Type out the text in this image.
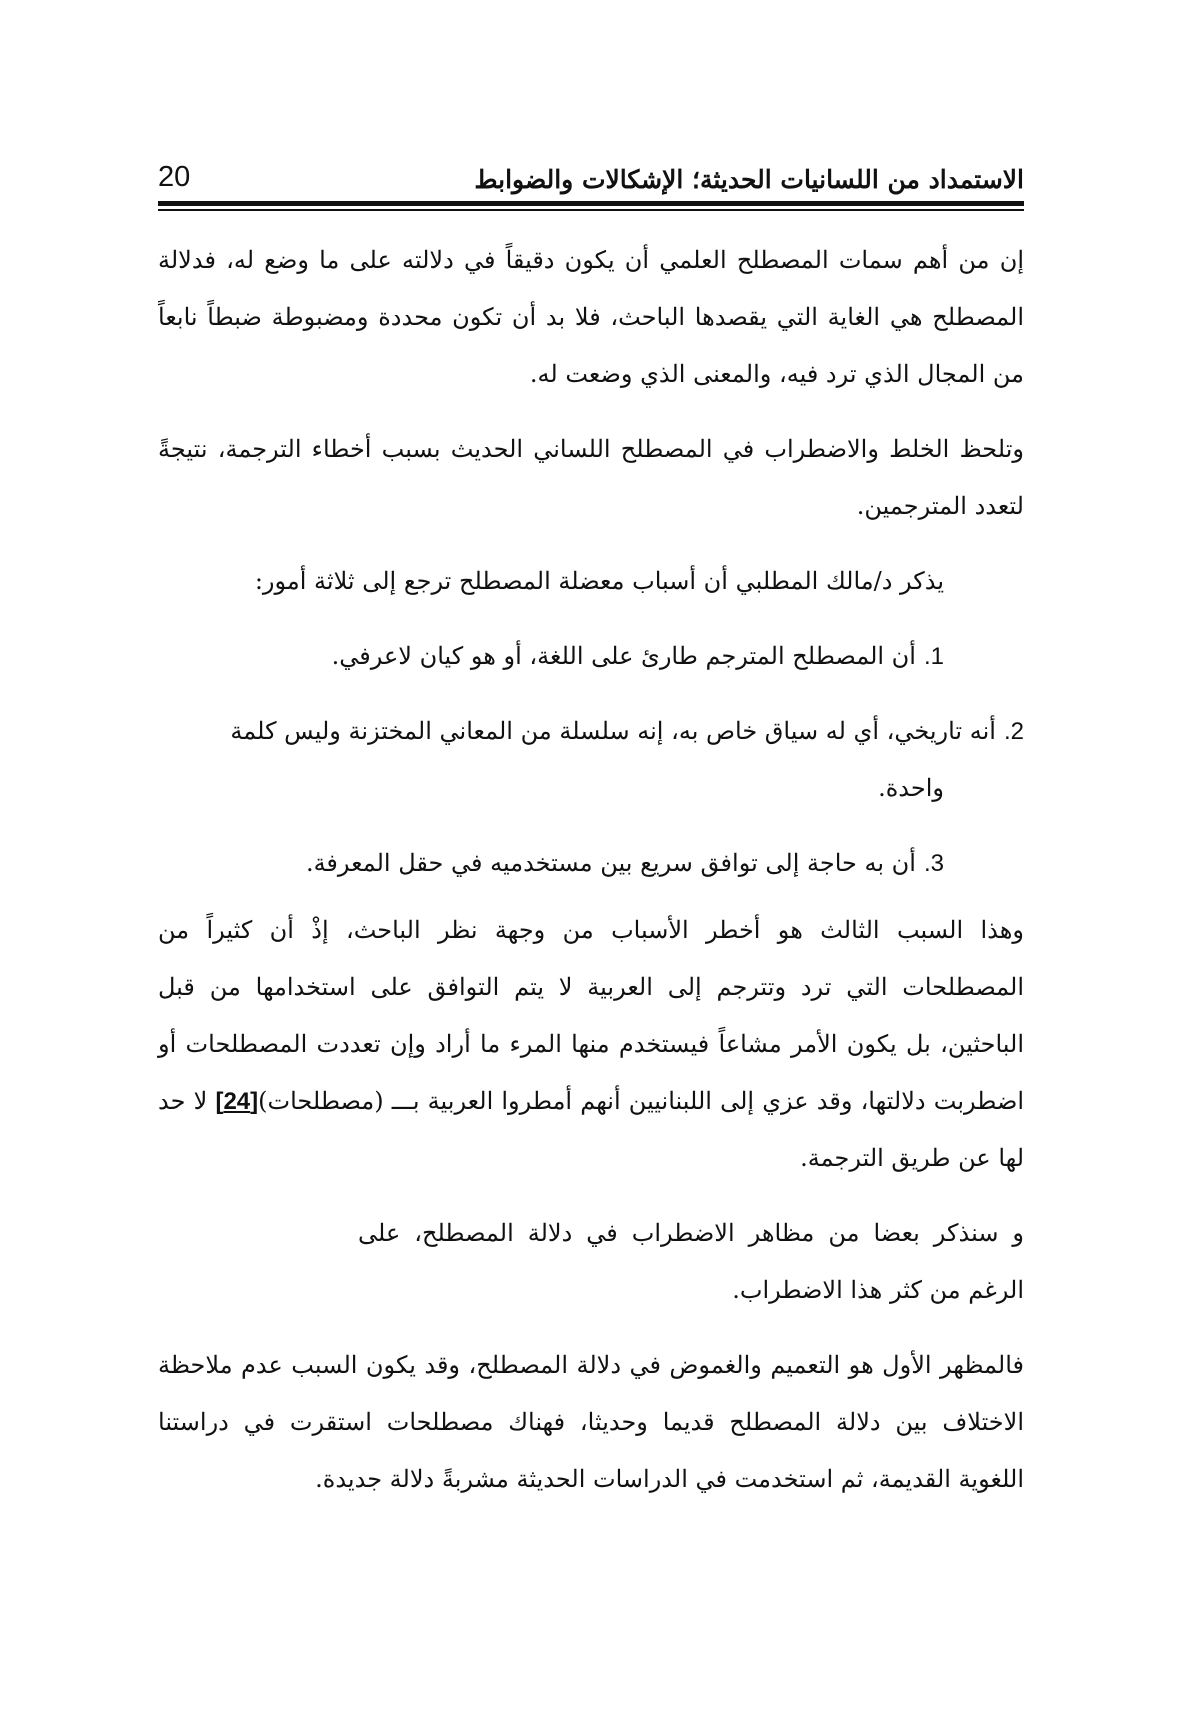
الاستمداد من اللسانيات الحديثة؛ الإشكالات والضوابط
20

إن من أهم سمات المصطلح العلمي أن يكون دقيقاً في دلالته على ما وضع له، فدلالة المصطلح هي الغاية التي يقصدها الباحث، فلا بد أن تكون محددة ومضبوطة ضبطاً نابعاً من المجال الذي ترد فيه، والمعنى الذي وضعت له.

وتلحظ الخلط والاضطراب في المصطلح اللساني الحديث بسبب أخطاء الترجمة، نتيجةً لتعدد المترجمين.

يذكر د/مالك المطلبي أن أسباب معضلة المصطلح ترجع إلى ثلاثة أمور:

1.أن المصطلح المترجم طارئ على اللغة، أو هو كيان لاعرفي.

2.أنه تاريخي، أي له سياق خاص به، إنه سلسلة من المعاني المختزنة وليس كلمة
واحدة.

3.أن به حاجة إلى توافق سريع بين مستخدميه في حقل المعرفة.

وهذا السبب الثالث هو أخطر الأسباب من وجهة نظر الباحث، إذْ أن كثيراً من المصطلحات التي ترد وتترجم إلى العربية لا يتم التوافق على استخدامها من قبل الباحثين، بل يكون الأمر مشاعاً فيستخدم منها المرء ما أراد وإن تعددت المصطلحات أو اضطربت دلالتها، وقد عزي إلى اللبنانيين أنهم أمطروا العربية بـــ (مصطلحات)[24] لا حد لها عن طريق الترجمة.

و سنذكر بعضا من مظاهر الاضطراب في دلالة المصطلح، على الرغم من كثر هذا الاضطراب.

فالمظهر الأول هو التعميم والغموض في دلالة المصطلح، وقد يكون السبب عدم ملاحظة الاختلاف بين دلالة المصطلح قديما وحديثا، فهناك مصطلحات استقرت في دراستنا اللغوية القديمة، ثم استخدمت في الدراسات الحديثة مشربةً دلالة جديدة.
